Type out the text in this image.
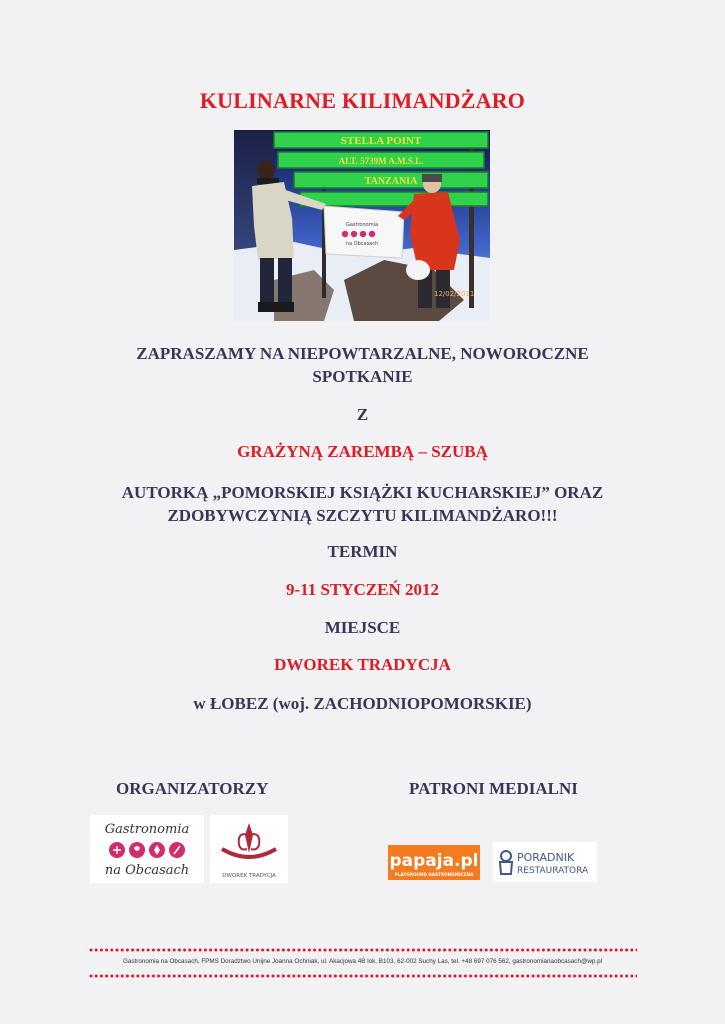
KULINARNE KILIMANDŻARO
STELLA POINT
ALT. 5739M A.M.S.L.
TANZANIA
Gastronomia
na Obcasach
12/02/2011
ZAPRASZAMY NA NIEPOWTARZALNE, NOWOROCZNE
SPOTKANIE
Z
GRAŻYNĄ ZAREMBĄ – SZUBĄ
AUTORKĄ „POMORSKIEJ KSIĄŻKI KUCHARSKIEJ” ORAZ
ZDOBYWCZYNIĄ SZCZYTU KILIMANDŻARO!!!
TERMIN
9-11 STYCZEŃ 2012
MIEJSCE
DWOREK TRADYCJA
w ŁOBEZ (woj. ZACHODNIOPOMORSKIE)
ORGANIZATORZY	PATRONI MEDIALNI
Gastronomia
na Obcasach	DWOREK TRADYCJA
papaja.pl
PLAYGROUND GASTRONOMICZNA
PORADNIK
RESTAURATORA
Gastronomia na Obcasach, FPMS Doradztwo Unijne Joanna Ochniak, ul. Akacjowa 4B lok. B103, 62-002 Suchy Las, tel. +48 697 076 562, gastronomianaobcasach@wp.pl
